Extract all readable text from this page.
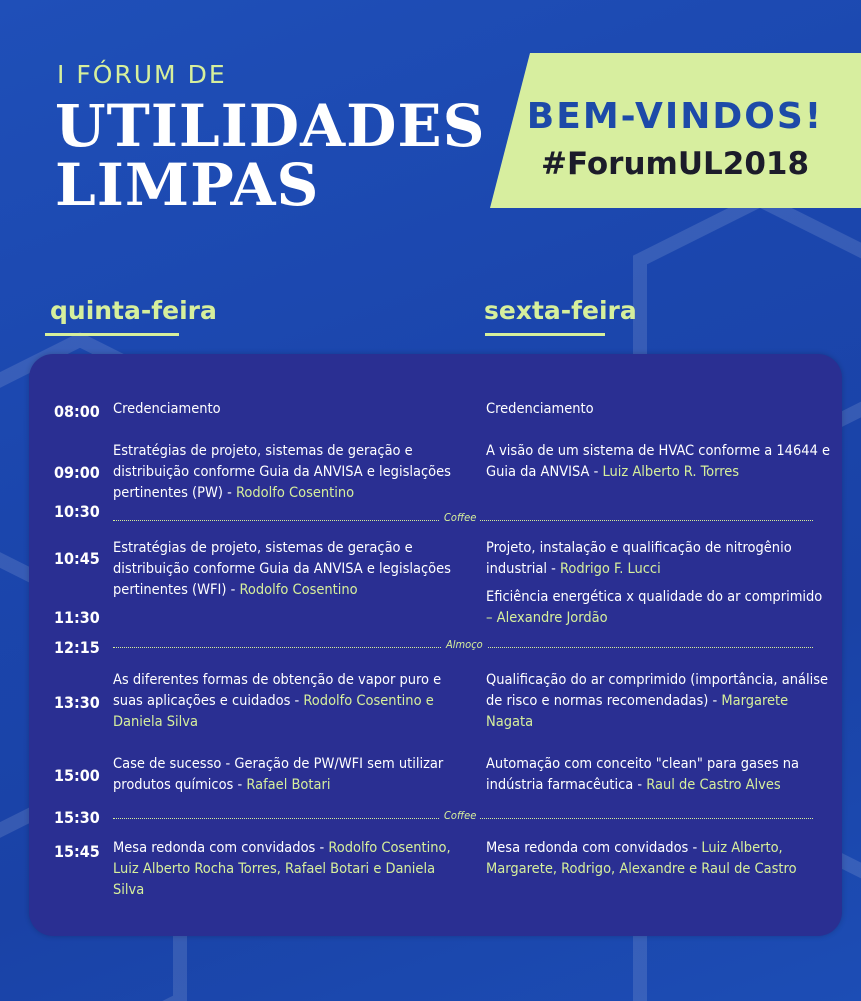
I FÓRUM DE
UTILIDADES
LIMPAS
BEM-VINDOS!
#ForumUL2018
quinta-feira	sexta-feira
08:00
09:00
10:30
10:45
11:30
12:15
13:30
15:00
15:30
15:45
Credenciamento
Estratégias de projeto, sistemas de geração e distribuição conforme Guia da ANVISA e legislações pertinentes (PW) - Rodolfo Cosentino
Estratégias de projeto, sistemas de geração e distribuição conforme Guia da ANVISA e legislações pertinentes (WFI) - Rodolfo Cosentino
As diferentes formas de obtenção de vapor puro e suas aplicações e cuidados - Rodolfo Cosentino e Daniela Silva
Case de sucesso - Geração de PW/WFI sem utilizar produtos químicos - Rafael Botari
Mesa redonda com convidados - Rodolfo Cosentino, Luiz Alberto Rocha Torres, Rafael Botari e Daniela Silva
Credenciamento
A visão de um sistema de HVAC conforme a 14644 e Guia da ANVISA - Luiz Alberto R. Torres
Projeto, instalação e qualificação de nitrogênio industrial - Rodrigo F. Lucci
Eficiência energética x qualidade do ar comprimido – Alexandre Jordão
Qualificação do ar comprimido (importância, análise de risco e normas recomendadas) - Margarete Nagata
Automação com conceito "clean" para gases na indústria farmacêutica - Raul de Castro Alves
Mesa redonda com convidados - Luiz Alberto, Margarete, Rodrigo, Alexandre e Raul de Castro
Coffee
Almoço
Coffee
